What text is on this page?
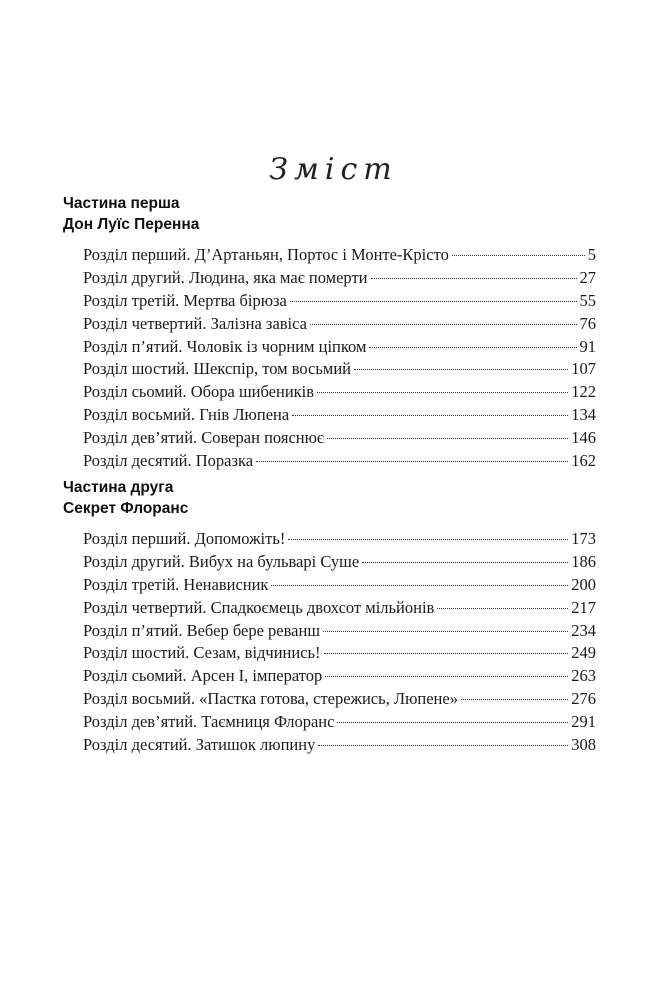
Зміст
Частина перша
Дон Луїс Перенна
Розділ перший. Д’Артаньян, Портос і Монте-Крісто	5
Розділ другий. Людина, яка має померти	27
Розділ третій. Мертва бірюза	55
Розділ четвертий. Залізна завіса	76
Розділ п’ятий. Чоловік із чорним ціпком	91
Розділ шостий. Шекспір, том восьмий	107
Розділ сьомий. Обора шибеників	122
Розділ восьмий. Гнів Люпена	134
Розділ дев’ятий. Соверан пояснює	146
Розділ десятий. Поразка	162
Частина друга
Секрет Флоранс
Розділ перший. Допоможіть!	173
Розділ другий. Вибух на бульварі Суше	186
Розділ третій. Ненависник	200
Розділ четвертий. Спадкоємець двохсот мільйонів	217
Розділ п’ятий. Вебер бере реванш	234
Розділ шостий. Сезам, відчинись!	249
Розділ сьомий. Арсен І, імператор	263
Розділ восьмий. «Пастка готова, стережись, Люпене»	276
Розділ дев’ятий. Таємниця Флоранс	291
Розділ десятий. Затишок люпину	308
